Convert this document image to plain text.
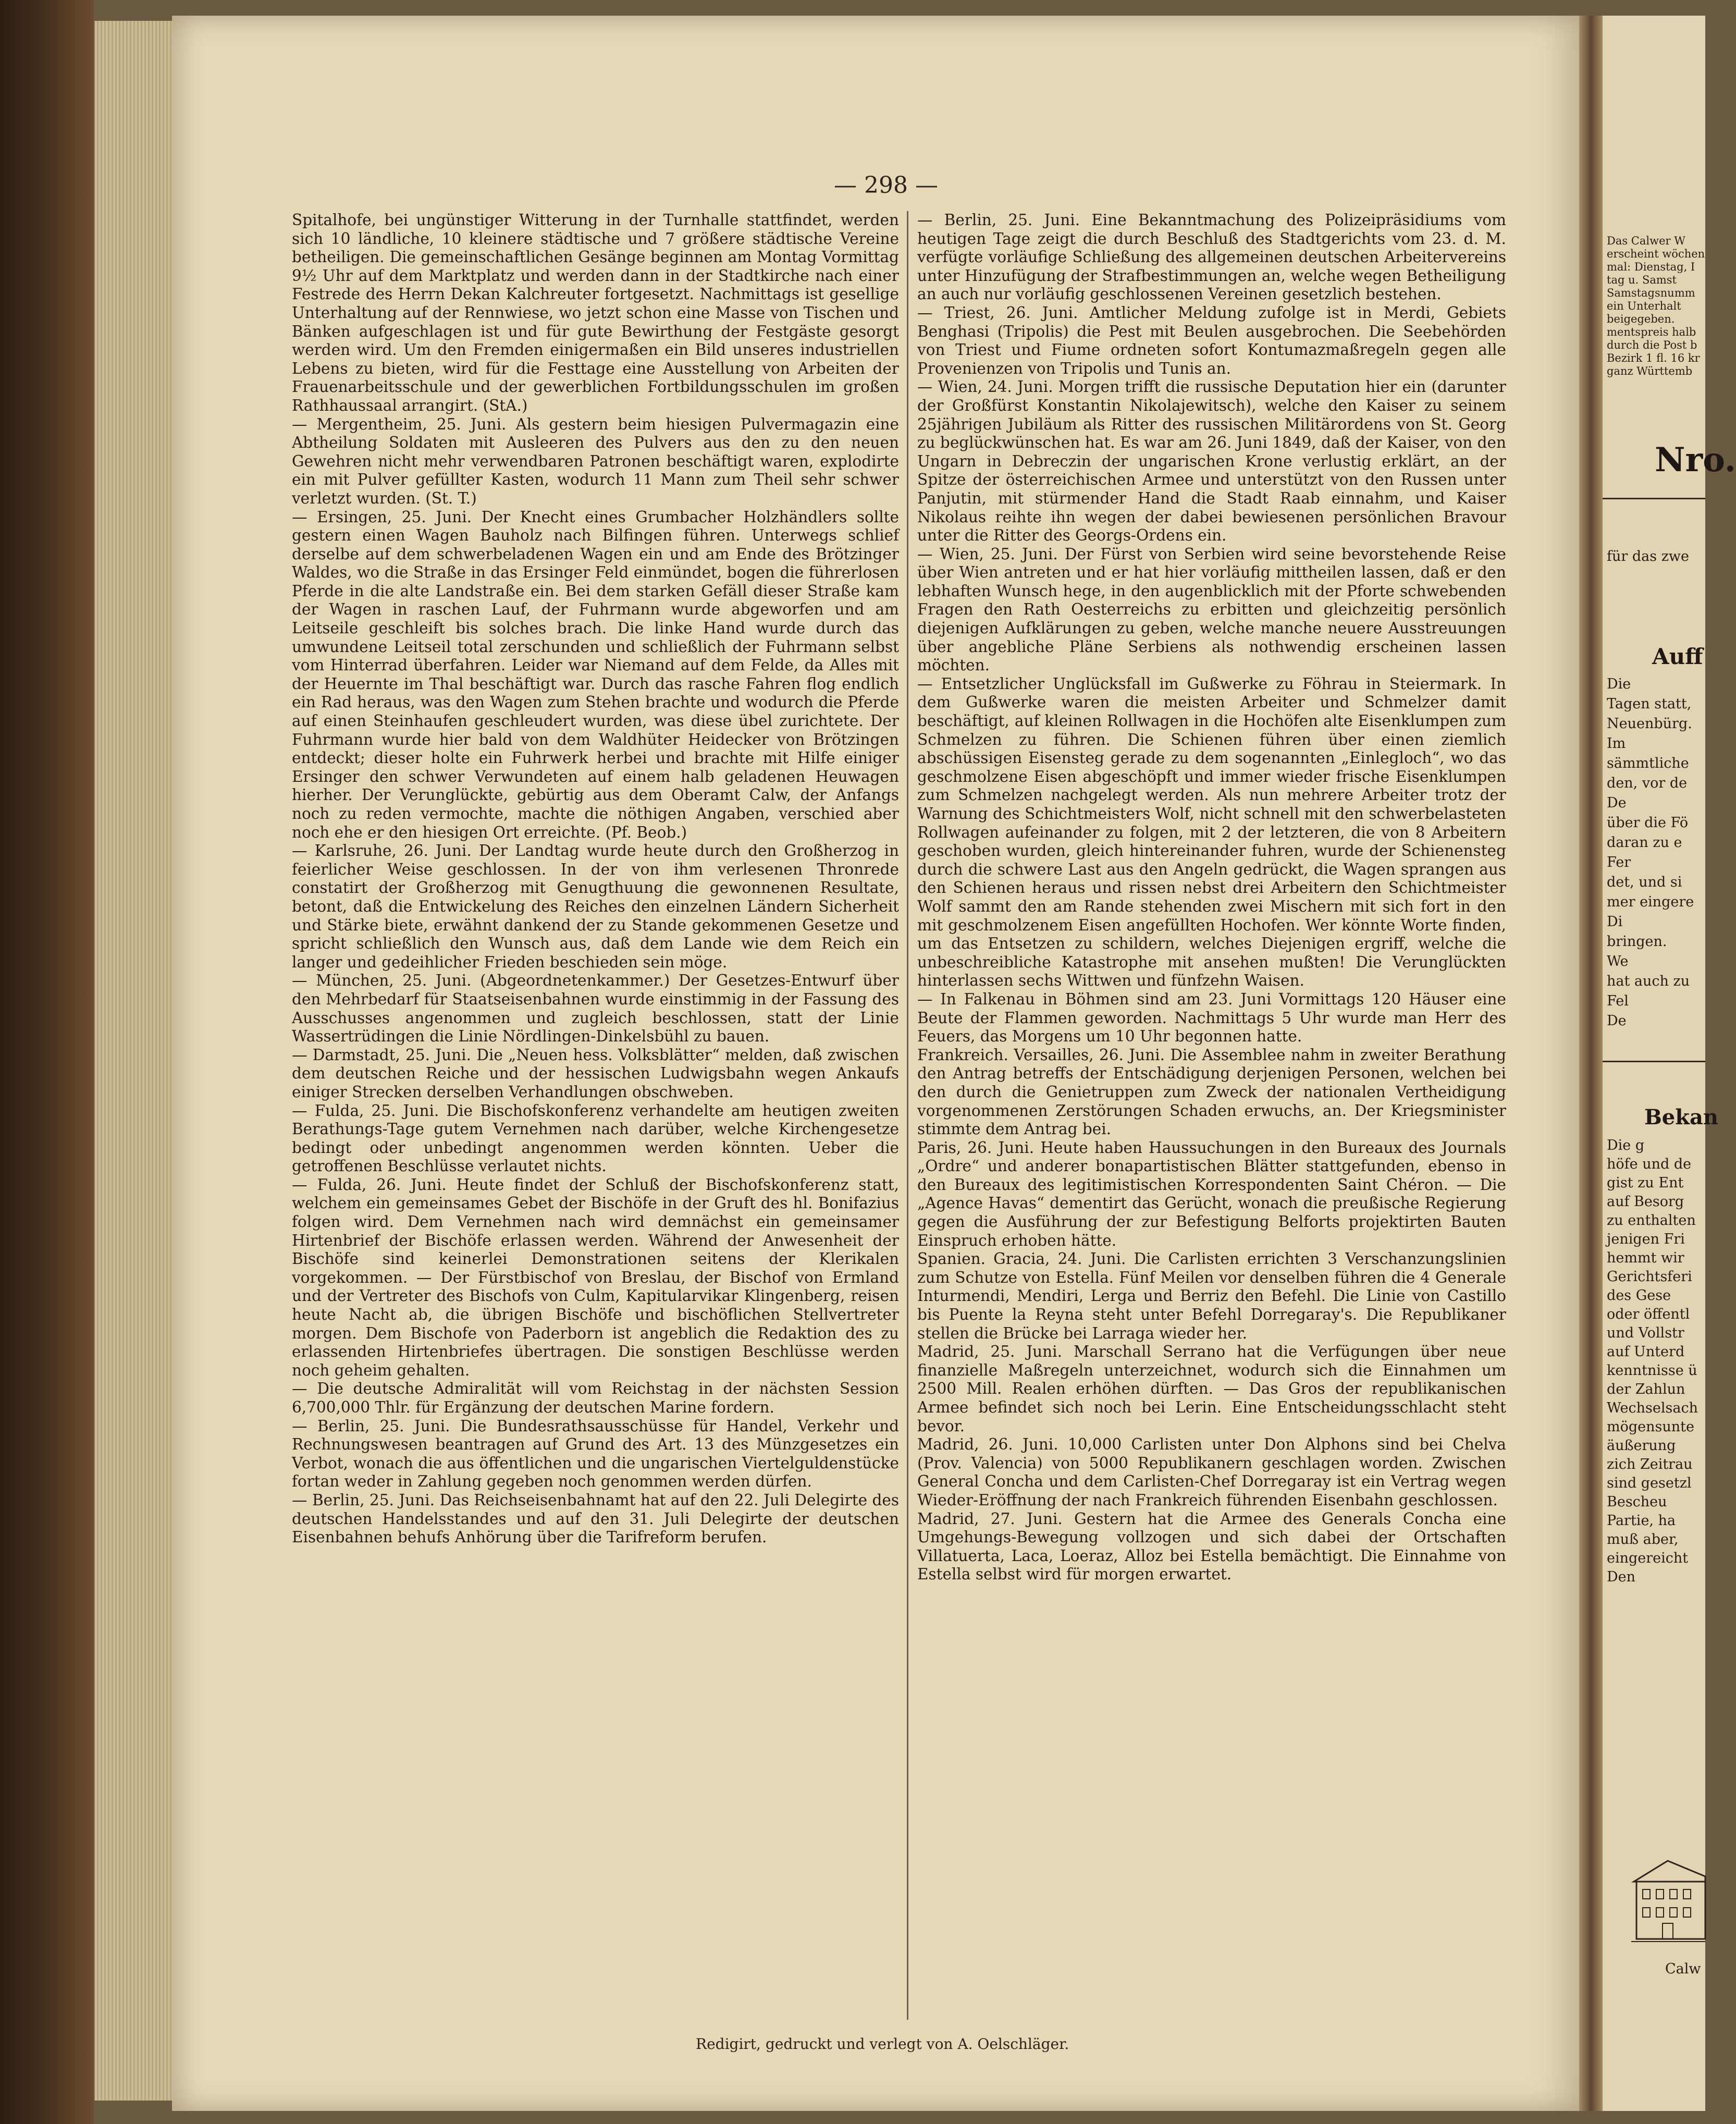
— 298 —

Spitalhofe, bei ungünstiger Witterung in der Turnhalle stattfindet, werden sich 10 ländliche, 10 kleinere städtische und 7 größere städtische Vereine betheiligen. Die gemeinschaftlichen Gesänge beginnen am Montag Vormittag 9½ Uhr auf dem Marktplatz und werden dann in der Stadtkirche nach einer Festrede des Herrn Dekan Kalchreuter fortgesetzt. Nachmittags ist gesellige Unterhaltung auf der Rennwiese, wo jetzt schon eine Masse von Tischen und Bänken aufgeschlagen ist und für gute Bewirthung der Festgäste gesorgt werden wird. Um den Fremden einigermaßen ein Bild unseres industriellen Lebens zu bieten, wird für die Festtage eine Ausstellung von Arbeiten der Frauenarbeitsschule und der gewerblichen Fortbildungsschulen im großen Rathhaussaal arrangirt. (StA.)

— Mergentheim, 25. Juni. Als gestern beim hiesigen Pulvermagazin eine Abtheilung Soldaten mit Ausleeren des Pulvers aus den zu den neuen Gewehren nicht mehr verwendbaren Patronen beschäftigt waren, explodirte ein mit Pulver gefüllter Kasten, wodurch 11 Mann zum Theil sehr schwer verletzt wurden. (St. T.)

— Ersingen, 25. Juni. Der Knecht eines Grumbacher Holzhändlers sollte gestern einen Wagen Bauholz nach Bilfingen führen. Unterwegs schlief derselbe auf dem schwerbeladenen Wagen ein und am Ende des Brötzinger Waldes, wo die Straße in das Ersinger Feld einmündet, bogen die führerlosen Pferde in die alte Landstraße ein. Bei dem starken Gefäll dieser Straße kam der Wagen in raschen Lauf, der Fuhrmann wurde abgeworfen und am Leitseile geschleift bis solches brach. Die linke Hand wurde durch das umwundene Leitseil total zerschunden und schließlich der Fuhrmann selbst vom Hinterrad überfahren. Leider war Niemand auf dem Felde, da Alles mit der Heuernte im Thal beschäftigt war. Durch das rasche Fahren flog endlich ein Rad heraus, was den Wagen zum Stehen brachte und wodurch die Pferde auf einen Steinhaufen geschleudert wurden, was diese übel zurichtete. Der Fuhrmann wurde hier bald von dem Waldhüter Heidecker von Brötzingen entdeckt; dieser holte ein Fuhrwerk herbei und brachte mit Hilfe einiger Ersinger den schwer Verwundeten auf einem halb geladenen Heuwagen hierher. Der Verunglückte, gebürtig aus dem Oberamt Calw, der Anfangs noch zu reden vermochte, machte die nöthigen Angaben, verschied aber noch ehe er den hiesigen Ort erreichte. (Pf. Beob.)

— Karlsruhe, 26. Juni. Der Landtag wurde heute durch den Großherzog in feierlicher Weise geschlossen. In der von ihm verlesenen Thronrede constatirt der Großherzog mit Genugthuung die gewonnenen Resultate, betont, daß die Entwickelung des Reiches den einzelnen Ländern Sicherheit und Stärke biete, erwähnt dankend der zu Stande gekommenen Gesetze und spricht schließlich den Wunsch aus, daß dem Lande wie dem Reich ein langer und gedeihlicher Frieden beschieden sein möge.

— München, 25. Juni. (Abgeordnetenkammer.) Der Gesetzes-Entwurf über den Mehrbedarf für Staatseisenbahnen wurde einstimmig in der Fassung des Ausschusses angenommen und zugleich beschlossen, statt der Linie Wassertrüdingen die Linie Nördlingen-Dinkelsbühl zu bauen.

— Darmstadt, 25. Juni. Die „Neuen hess. Volksblätter“ melden, daß zwischen dem deutschen Reiche und der hessischen Ludwigsbahn wegen Ankaufs einiger Strecken derselben Verhandlungen obschweben.

— Fulda, 25. Juni. Die Bischofskonferenz verhandelte am heutigen zweiten Berathungs-Tage gutem Vernehmen nach darüber, welche Kirchengesetze bedingt oder unbedingt angenommen werden könnten. Ueber die getroffenen Beschlüsse verlautet nichts.

— Fulda, 26. Juni. Heute findet der Schluß der Bischofskonferenz statt, welchem ein gemeinsames Gebet der Bischöfe in der Gruft des hl. Bonifazius folgen wird. Dem Vernehmen nach wird demnächst ein gemeinsamer Hirtenbrief der Bischöfe erlassen werden. Während der Anwesenheit der Bischöfe sind keinerlei Demonstrationen seitens der Klerikalen vorgekommen. — Der Fürstbischof von Breslau, der Bischof von Ermland und der Vertreter des Bischofs von Culm, Kapitularvikar Klingenberg, reisen heute Nacht ab, die übrigen Bischöfe und bischöflichen Stellvertreter morgen. Dem Bischofe von Paderborn ist angeblich die Redaktion des zu erlassenden Hirtenbriefes übertragen. Die sonstigen Beschlüsse werden noch geheim gehalten.

— Die deutsche Admiralität will vom Reichstag in der nächsten Session 6,700,000 Thlr. für Ergänzung der deutschen Marine fordern.

— Berlin, 25. Juni. Die Bundesrathsausschüsse für Handel, Verkehr und Rechnungswesen beantragen auf Grund des Art. 13 des Münzgesetzes ein Verbot, wonach die aus öffentlichen und die ungarischen Viertelguldenstücke fortan weder in Zahlung gegeben noch genommen werden dürfen.

— Berlin, 25. Juni. Das Reichseisenbahnamt hat auf den 22. Juli Delegirte des deutschen Handelsstandes und auf den 31. Juli Delegirte der deutschen Eisenbahnen behufs Anhörung über die Tarifreform berufen.

— Berlin, 25. Juni. Eine Bekanntmachung des Polizeipräsidiums vom heutigen Tage zeigt die durch Beschluß des Stadtgerichts vom 23. d. M. verfügte vorläufige Schließung des allgemeinen deutschen Arbeitervereins unter Hinzufügung der Strafbestimmungen an, welche wegen Betheiligung an auch nur vorläufig geschlossenen Vereinen gesetzlich bestehen.

— Triest, 26. Juni. Amtlicher Meldung zufolge ist in Merdi, Gebiets Benghasi (Tripolis) die Pest mit Beulen ausgebrochen. Die Seebehörden von Triest und Fiume ordneten sofort Kontumazmaßregeln gegen alle Provenienzen von Tripolis und Tunis an.

— Wien, 24. Juni. Morgen trifft die russische Deputation hier ein (darunter der Großfürst Konstantin Nikolajewitsch), welche den Kaiser zu seinem 25jährigen Jubiläum als Ritter des russischen Militärordens von St. Georg zu beglückwünschen hat. Es war am 26. Juni 1849, daß der Kaiser, von den Ungarn in Debreczin der ungarischen Krone verlustig erklärt, an der Spitze der österreichischen Armee und unterstützt von den Russen unter Panjutin, mit stürmender Hand die Stadt Raab einnahm, und Kaiser Nikolaus reihte ihn wegen der dabei bewiesenen persönlichen Bravour unter die Ritter des Georgs-Ordens ein.

— Wien, 25. Juni. Der Fürst von Serbien wird seine bevorstehende Reise über Wien antreten und er hat hier vorläufig mittheilen lassen, daß er den lebhaften Wunsch hege, in den augenblicklich mit der Pforte schwebenden Fragen den Rath Oesterreichs zu erbitten und gleichzeitig persönlich diejenigen Aufklärungen zu geben, welche manche neuere Ausstreuungen über angebliche Pläne Serbiens als nothwendig erscheinen lassen möchten.

— Entsetzlicher Unglücksfall im Gußwerke zu Föhrau in Steiermark. In dem Gußwerke waren die meisten Arbeiter und Schmelzer damit beschäftigt, auf kleinen Rollwagen in die Hochöfen alte Eisenklumpen zum Schmelzen zu führen. Die Schienen führen über einen ziemlich abschüssigen Eisensteg gerade zu dem sogenannten „Einlegloch“, wo das geschmolzene Eisen abgeschöpft und immer wieder frische Eisenklumpen zum Schmelzen nachgelegt werden. Als nun mehrere Arbeiter trotz der Warnung des Schichtmeisters Wolf, nicht schnell mit den schwerbelasteten Rollwagen aufeinander zu folgen, mit 2 der letzteren, die von 8 Arbeitern geschoben wurden, gleich hintereinander fuhren, wurde der Schienensteg durch die schwere Last aus den Angeln gedrückt, die Wagen sprangen aus den Schienen heraus und rissen nebst drei Arbeitern den Schichtmeister Wolf sammt den am Rande stehenden zwei Mischern mit sich fort in den mit geschmolzenem Eisen angefüllten Hochofen. Wer könnte Worte finden, um das Entsetzen zu schildern, welches Diejenigen ergriff, welche die unbeschreibliche Katastrophe mit ansehen mußten! Die Verunglückten hinterlassen sechs Wittwen und fünfzehn Waisen.

— In Falkenau in Böhmen sind am 23. Juni Vormittags 120 Häuser eine Beute der Flammen geworden. Nachmittags 5 Uhr wurde man Herr des Feuers, das Morgens um 10 Uhr begonnen hatte.

Frankreich. Versailles, 26. Juni. Die Assemblee nahm in zweiter Berathung den Antrag betreffs der Entschädigung derjenigen Personen, welchen bei den durch die Genietruppen zum Zweck der nationalen Vertheidigung vorgenommenen Zerstörungen Schaden erwuchs, an. Der Kriegsminister stimmte dem Antrag bei.

Paris, 26. Juni. Heute haben Haussuchungen in den Bureaux des Journals „Ordre“ und anderer bonapartistischen Blätter stattgefunden, ebenso in den Bureaux des legitimistischen Korrespondenten Saint Chéron. — Die „Agence Havas“ dementirt das Gerücht, wonach die preußische Regierung gegen die Ausführung der zur Befestigung Belforts projektirten Bauten Einspruch erhoben hätte.

Spanien. Gracia, 24. Juni. Die Carlisten errichten 3 Verschanzungslinien zum Schutze von Estella. Fünf Meilen vor denselben führen die 4 Generale Inturmendi, Mendiri, Lerga und Berriz den Befehl. Die Linie von Castillo bis Puente la Reyna steht unter Befehl Dorregaray's. Die Republikaner stellen die Brücke bei Larraga wieder her.

Madrid, 25. Juni. Marschall Serrano hat die Verfügungen über neue finanzielle Maßregeln unterzeichnet, wodurch sich die Einnahmen um 2500 Mill. Realen erhöhen dürften. — Das Gros der republikanischen Armee befindet sich noch bei Lerin. Eine Entscheidungsschlacht steht bevor.

Madrid, 26. Juni. 10,000 Carlisten unter Don Alphons sind bei Chelva (Prov. Valencia) von 5000 Republikanern geschlagen worden. Zwischen General Concha und dem Carlisten-Chef Dorregaray ist ein Vertrag wegen Wieder-Eröffnung der nach Frankreich führenden Eisenbahn geschlossen.

Madrid, 27. Juni. Gestern hat die Armee des Generals Concha eine Umgehungs-Bewegung vollzogen und sich dabei der Ortschaften Villatuerta, Laca, Loeraz, Alloz bei Estella bemächtigt. Die Einnahme von Estella selbst wird für morgen erwartet.

Redigirt, gedruckt und verlegt von A. Oelschläger.
Das Calwer W
erscheint wöchen
mal: Dienstag, I
tag u. Samst
Samstagsnumm
ein Unterhalt
beigegeben.
mentspreis halb
durch die Post b
Bezirk 1 fl. 16 kr
ganz Württemb
Nro.
für das zwe
Auff
Die
Tagen statt,
Neuenbürg.
Im
sämmtliche
den, vor de
De
über die Fö
daran zu e
Fer
det, und si
mer eingere
Di
bringen.
We
hat auch zu
Fel
De
Bekan
Die g
höfe und de
gist zu Ent
auf Besorg
zu enthalten
jenigen Fri
hemmt wir
Gerichtsferi
des Gese
oder öffentl
und Vollstr
auf Unterd
kenntnisse ü
der Zahlun
Wechselsach
mögensunte
äußerung
zich Zeitrau
sind gesetzl
Bescheu
Partie, ha
muß aber,
eingereicht
Den
Calw
